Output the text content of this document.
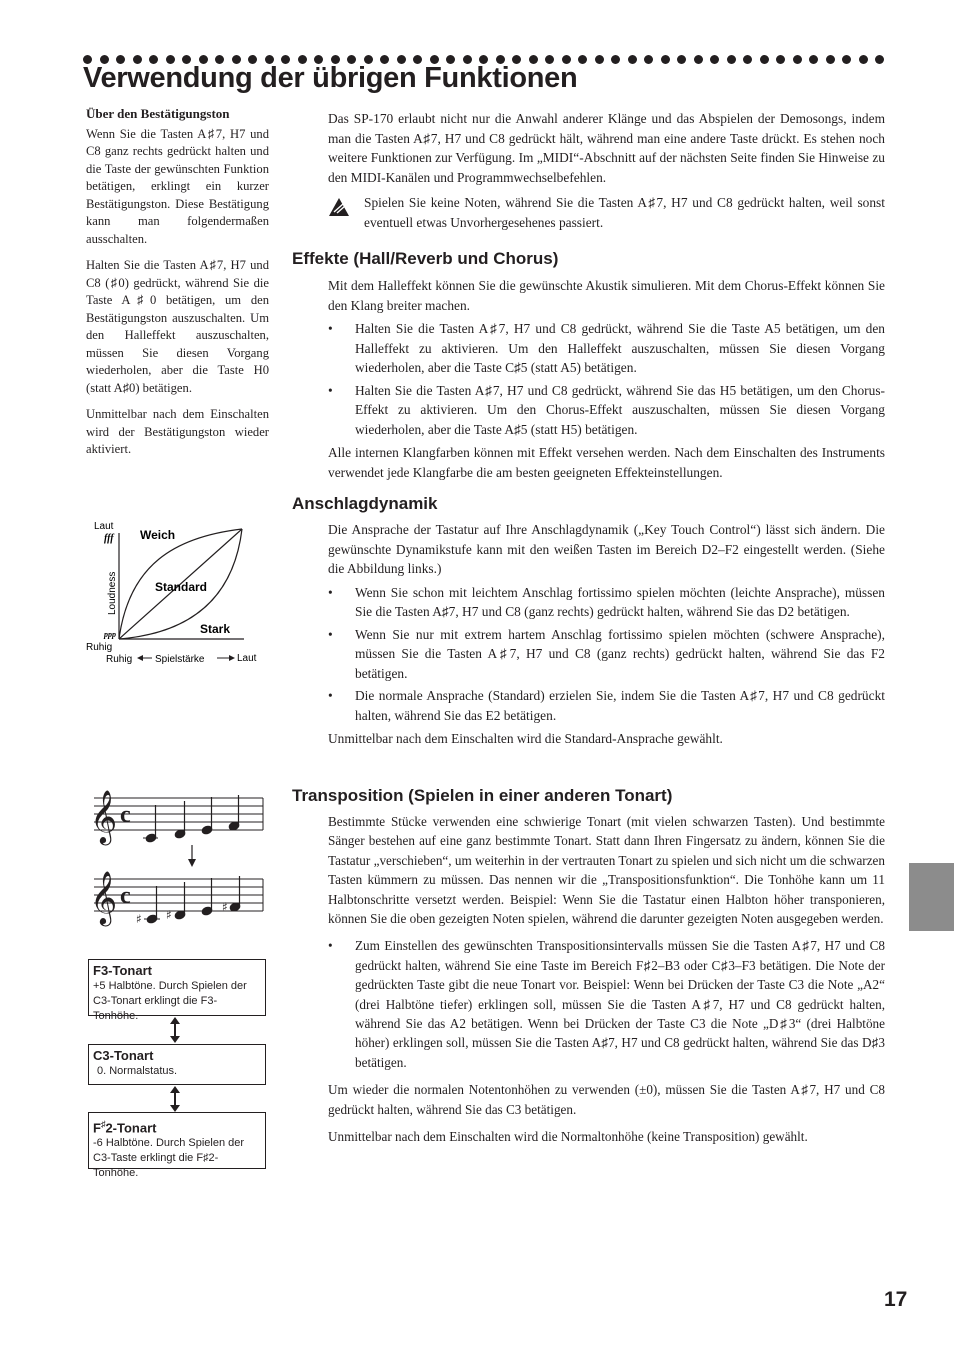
Verwendung der übrigen Funktionen
Über den Bestätigungston

Wenn Sie die Tasten A♯7, H7 und C8 ganz rechts gedrückt halten und die Taste der gewünschten Funktion betätigen, erklingt ein kurzer Bestätigungston. Diese Bestätigung kann man folgendermaßen ausschalten.

Halten Sie die Tasten A♯7, H7 und C8 (♯0) gedrückt, während Sie die Taste A♯0 betätigen, um den Bestätigungston auszuschalten. Um den Halleffekt auszuschalten, müssen Sie diesen Vorgang wiederholen, aber die Taste H0 (statt A♯0) betätigen.

Unmittelbar nach dem Einschalten wird der Bestätigungston wieder aktiviert.

Laut
fff
ppp
Ruhig
Loudness
Weich
Standard
Stark
Ruhig Spielstärke	Laut
𝄞 c
𝄞 c
♯ ♯
♯
F3-Tonart
+5 Halbtöne. Durch Spielen der
C3-Tonart erklingt die F3-Tonhöhe.
C3-Tonart
0. Normalstatus.
F♯2-Tonart
-6 Halbtöne. Durch Spielen der
C3-Taste erklingt die F♯2-Tonhöhe.

Das SP-170 erlaubt nicht nur die Anwahl anderer Klänge und das Abspielen der Demosongs, indem man die Tasten A♯7, H7 und C8 gedrückt hält, während man eine andere Taste drückt. Es stehen noch weitere Funktionen zur Verfügung. Im „MIDI“-Abschnitt auf der nächsten Seite finden Sie Hinweise zu den MIDI-Kanälen und Programmwechselbefehlen.

Spielen Sie keine Noten, während Sie die Tasten A♯7, H7 und C8 gedrückt halten, weil sonst eventuell etwas Unvorhergesehenes passiert.

Effekte (Hall/Reverb und Chorus)

Mit dem Halleffekt können Sie die gewünschte Akustik simulieren. Mit dem Chorus-Effekt können Sie den Klang breiter machen.

• Halten Sie die Tasten A♯7, H7 und C8 gedrückt, während Sie die Taste A5 betätigen, um den Halleffekt zu aktivieren. Um den Halleffekt auszuschalten, müssen Sie diesen Vorgang wiederholen, aber die Taste C♯5 (statt A5) betätigen.
• Halten Sie die Tasten A♯7, H7 und C8 gedrückt, während Sie das H5 betätigen, um den Chorus-Effekt zu aktivieren. Um den Chorus-Effekt auszuschalten, müssen Sie diesen Vorgang wiederholen, aber die Taste A♯5 (statt H5) betätigen.

Alle internen Klangfarben können mit Effekt versehen werden. Nach dem Einschalten des Instruments verwendet jede Klangfarbe die am besten geeigneten Effekteinstellungen.

Anschlagdynamik

Die Ansprache der Tastatur auf Ihre Anschlagdynamik („Key Touch Control“) lässt sich ändern. Die gewünschte Dynamikstufe kann mit den weißen Tasten im Bereich D2–F2 eingestellt werden. (Siehe die Abbildung links.)

• Wenn Sie schon mit leichtem Anschlag fortissimo spielen möchten (leichte Ansprache), müssen Sie die Tasten A♯7, H7 und C8 (ganz rechts) gedrückt halten, während Sie das D2 betätigen.
• Wenn Sie nur mit extrem hartem Anschlag fortissimo spielen möchten (schwere Ansprache), müssen Sie die Tasten A♯7, H7 und C8 (ganz rechts) gedrückt halten, während Sie das F2 betätigen.
• Die normale Ansprache (Standard) erzielen Sie, indem Sie die Tasten A♯7, H7 und C8 gedrückt halten, während Sie das E2 betätigen.

Unmittelbar nach dem Einschalten wird die Standard-Ansprache gewählt.

Transposition (Spielen in einer anderen Tonart)

Bestimmte Stücke verwenden eine schwierige Tonart (mit vielen schwarzen Tasten). Und bestimmte Sänger bestehen auf eine ganz bestimmte Tonart. Statt dann Ihren Fingersatz zu ändern, können Sie die Tastatur „verschieben“, um weiterhin in der vertrauten Tonart zu spielen und sich nicht um die schwarzen Tasten kümmern zu müssen. Das nennen wir die „Transpositionsfunktion“. Die Tonhöhe kann um 11 Halbtonschritte versetzt werden. Beispiel: Wenn Sie die Tastatur einen Halbton höher transponieren, können Sie die oben gezeigten Noten spielen, während die darunter gezeigten Noten ausgegeben werden.

• Zum Einstellen des gewünschten Transpositionsintervalls müssen Sie die Tasten A♯7, H7 und C8 gedrückt halten, während Sie eine Taste im Bereich F♯2–B3 oder C♯3–F3 betätigen. Die Note der gedrückten Taste gibt die neue Tonart vor. Beispiel: Wenn bei Drücken der Taste C3 die Note „A2“ (drei Halbtöne tiefer) erklingen soll, müssen Sie die Tasten A♯7, H7 und C8 gedrückt halten, während Sie das A2 betätigen. Wenn bei Drücken der Taste C3 die Note „D♯3“ (drei Halbtöne höher) erklingen soll, müssen Sie die Tasten A♯7, H7 und C8 gedrückt halten, während Sie das D♯3 betätigen.

Um wieder die normalen Notentonhöhen zu verwenden (±0), müssen Sie die Tasten A♯7, H7 und C8 gedrückt halten, während Sie das C3 betätigen.

Unmittelbar nach dem Einschalten wird die Normaltonhöhe (keine Transposition) gewählt.

17
